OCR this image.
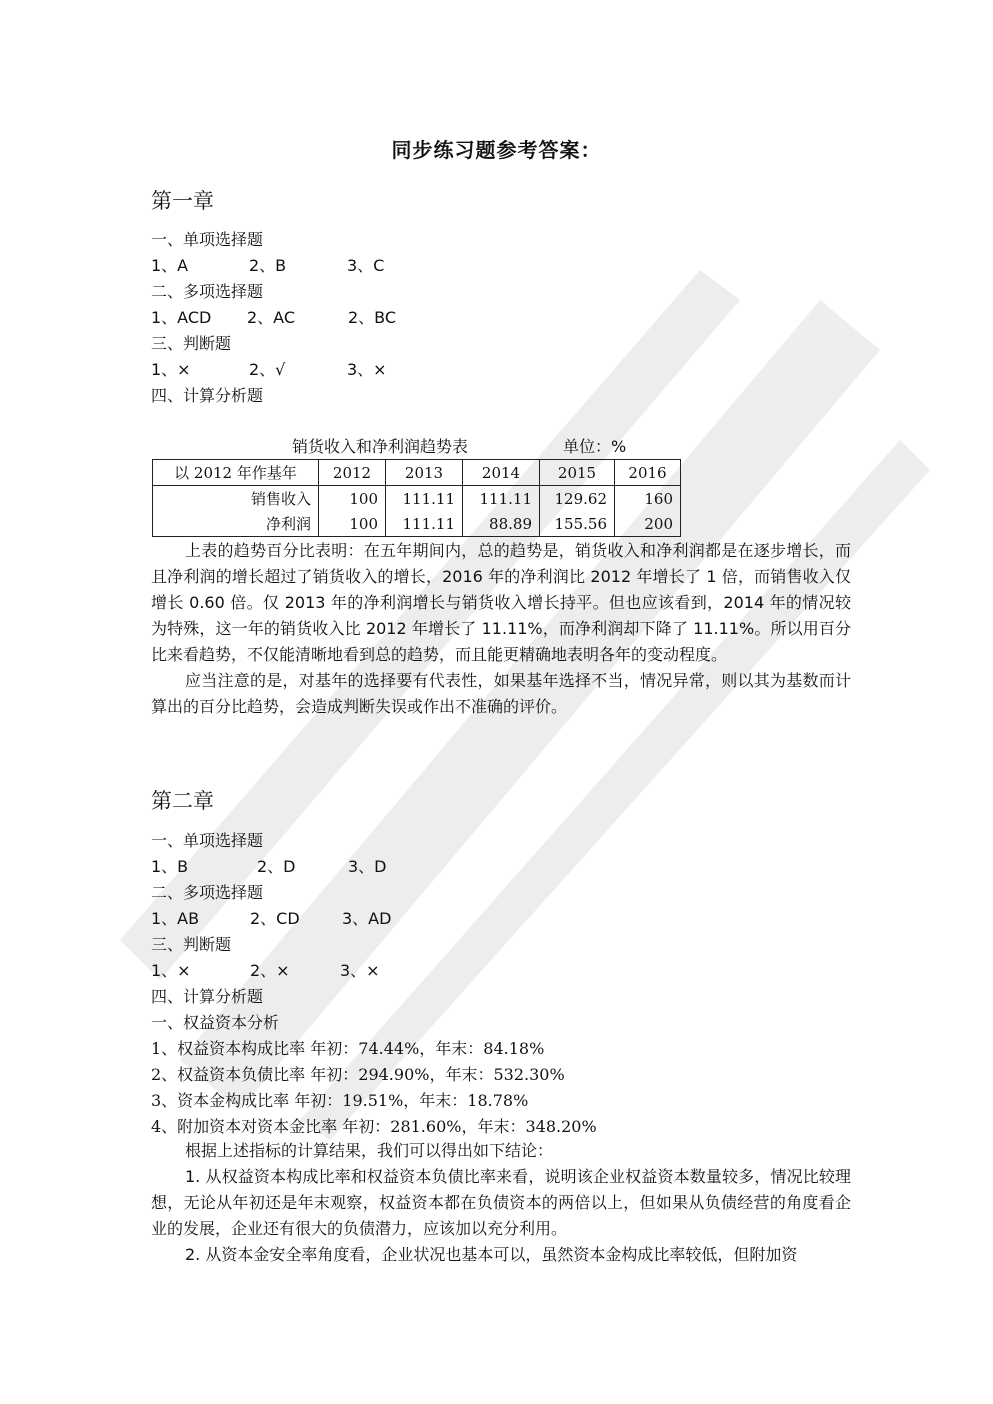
同步练习题参考答案：
第一章
一、单项选择题
1、A	2、B	3、C
二、多项选择题
1、ACD 2、AC	2、BC
三、判断题
1、×	2、√	3、×
四、计算分析题
销货收入和净利润趋势表	单位：%
以 2012 年作基年	2012	2013	2014	2015	2016
销售收入	100	111.11	111.11	129.62	160
净利润	100	111.11	88.89	155.56	200

上表的趋势百分比表明：在五年期间内，总的趋势是，销货收入和净利润都是在逐步增长，而且净利润的增长超过了销货收入的增长，2016 年的净利润比 2012 年增长了 1 倍，而销售收入仅增长 0.60 倍。仅 2013 年的净利润增长与销货收入增长持平。但也应该看到，2014 年的情况较为特殊，这一年的销货收入比 2012 年增长了 11.11%，而净利润却下降了 11.11%。所以用百分比来看趋势，不仅能清晰地看到总的趋势，而且能更精确地表明各年的变动程度。

应当注意的是，对基年的选择要有代表性，如果基年选择不当，情况异常，则以其为基数而计算出的百分比趋势，会造成判断失误或作出不准确的评价。

第二章
一、单项选择题
1、B	2、D	3、D
二、多项选择题
1、AB	2、CD	3、AD
三、判断题
1、×	2、×	3、×
四、计算分析题
一、权益资本分析
1、权益资本构成比率 年初：74.44%，年末：84.18%
2、权益资本负债比率 年初：294.90%，年末：532.30%
3、资本金构成比率 年初：19.51%，年末：18.78%
4、附加资本对资本金比率 年初：281.60%，年末：348.20%

根据上述指标的计算结果，我们可以得出如下结论：

1. 从权益资本构成比率和权益资本负债比率来看，说明该企业权益资本数量较多，情况比较理想，无论从年初还是年末观察，权益资本都在负债资本的两倍以上，但如果从负债经营的角度看企业的发展，企业还有很大的负债潜力，应该加以充分利用。

2. 从资本金安全率角度看，企业状况也基本可以，虽然资本金构成比率较低，但附加资
